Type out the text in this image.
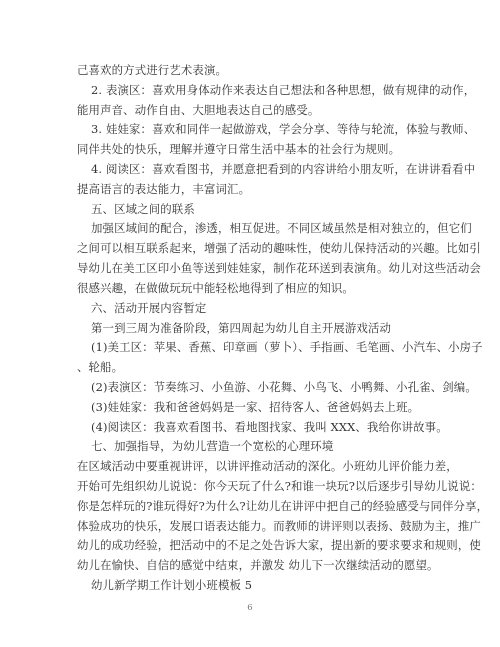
己喜欢的方式进行艺术表演。
2. 表演区：喜欢用身体动作来表达自己想法和各种思想，做有规律的动作，
能用声音、动作自由、大胆地表达自己的感受。
3. 娃娃家：喜欢和同伴一起做游戏，学会分享、等待与轮流，体验与教师、
同伴共处的快乐，理解并遵守日常生活中基本的社会行为规则。
4. 阅读区：喜欢看图书，并愿意把看到的内容讲给小朋友听，在讲讲看看中
提高语言的表达能力，丰富词汇。
五、区域之间的联系
加强区域间的配合，渗透，相互促进。不同区域虽然是相对独立的，但它们
之间可以相互联系起来，增强了活动的趣味性，使幼儿保持活动的兴趣。比如引
导幼儿在美工区印小鱼等送到娃娃家，制作花环送到表演角。幼儿对这些活动会
很感兴趣，在做做玩玩中能轻松地得到了相应的知识。
六、活动开展内容暂定
第一到三周为准备阶段，第四周起为幼儿自主开展游戏活动
(1)美工区：苹果、香蕉、印章画（萝卜）、手指画、毛笔画、小汽车、小房子
、轮船。
(2)表演区：节奏练习、小鱼游、小花舞、小鸟飞、小鸭舞、小孔雀、剑编。
(3)娃娃家：我和爸爸妈妈是一家、招待客人、爸爸妈妈去上班。
(4)阅读区：我喜欢看图书、看地图找家、我叫 XXX、我给你讲故事。
七、加强指导，为幼儿营造一个宽松的心理环境
在区域活动中要重视讲评，以讲评推动活动的深化。小班幼儿评价能力差，
开始可先组织幼儿说说：你今天玩了什么?和谁一块玩?以后逐步引导幼儿说说：
你是怎样玩的?谁玩得好?为什么?让幼儿在讲评中把自己的经验感受与同伴分享，
体验成功的快乐，发展口语表达能力。而教师的讲评则以表扬、鼓励为主，推广
幼儿的成功经验，把活动中的不足之处告诉大家，提出新的要求要求和规则，使
幼儿在愉快、自信的感觉中结束，并激发 幼儿下一次继续活动的愿望。
幼儿新学期工作计划小班模板 5
6
